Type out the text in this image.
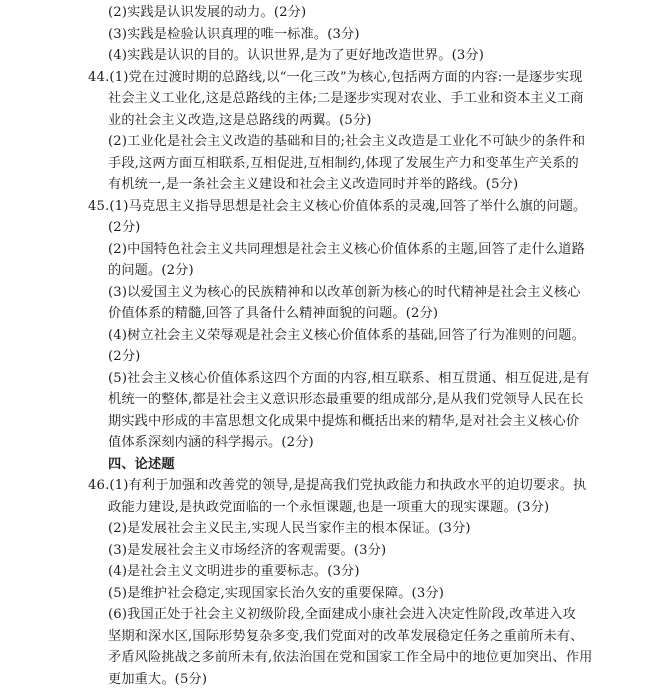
(2)实践是认识发展的动力。(2分)
(3)实践是检验认识真理的唯一标准。(3分)
(4)实践是认识的目的。认识世界,是为了更好地改造世界。(3分)
44.(1)党在过渡时期的总路线,以“一化三改”为核心,包括两方面的内容:一是逐步实现
社会主义工业化,这是总路线的主体;二是逐步实现对农业、手工业和资本主义工商
业的社会主义改造,这是总路线的两翼。(5分)
(2)工业化是社会主义改造的基础和目的;社会主义改造是工业化不可缺少的条件和
手段,这两方面互相联系,互相促进,互相制约,体现了发展生产力和变革生产关系的
有机统一,是一条社会主义建设和社会主义改造同时并举的路线。(5分)
45.(1)马克思主义指导思想是社会主义核心价值体系的灵魂,回答了举什么旗的问题。
(2分)
(2)中国特色社会主义共同理想是社会主义核心价值体系的主题,回答了走什么道路
的问题。(2分)
(3)以爱国主义为核心的民族精神和以改革创新为核心的时代精神是社会主义核心
价值体系的精髓,回答了具备什么精神面貌的问题。(2分)
(4)树立社会主义荣辱观是社会主义核心价值体系的基础,回答了行为准则的问题。
(2分)
(5)社会主义核心价值体系这四个方面的内容,相互联系、相互贯通、相互促进,是有
机统一的整体,都是社会主义意识形态最重要的组成部分,是从我们党领导人民在长
期实践中形成的丰富思想文化成果中提炼和概括出来的精华,是对社会主义核心价
值体系深刻内涵的科学揭示。(2分)
四、论述题
46.(1)有利于加强和改善党的领导,是提高我们党执政能力和执政水平的迫切要求。执
政能力建设,是执政党面临的一个永恒课题,也是一项重大的现实课题。(3分)
(2)是发展社会主义民主,实现人民当家作主的根本保证。(3分)
(3)是发展社会主义市场经济的客观需要。(3分)
(4)是社会主义文明进步的重要标志。(3分)
(5)是维护社会稳定,实现国家长治久安的重要保障。(3分)
(6)我国正处于社会主义初级阶段,全面建成小康社会进入决定性阶段,改革进入攻
坚期和深水区,国际形势复杂多变,我们党面对的改革发展稳定任务之重前所未有、
矛盾风险挑战之多前所未有,依法治国在党和国家工作全局中的地位更加突出、作用
更加重大。(5分)
